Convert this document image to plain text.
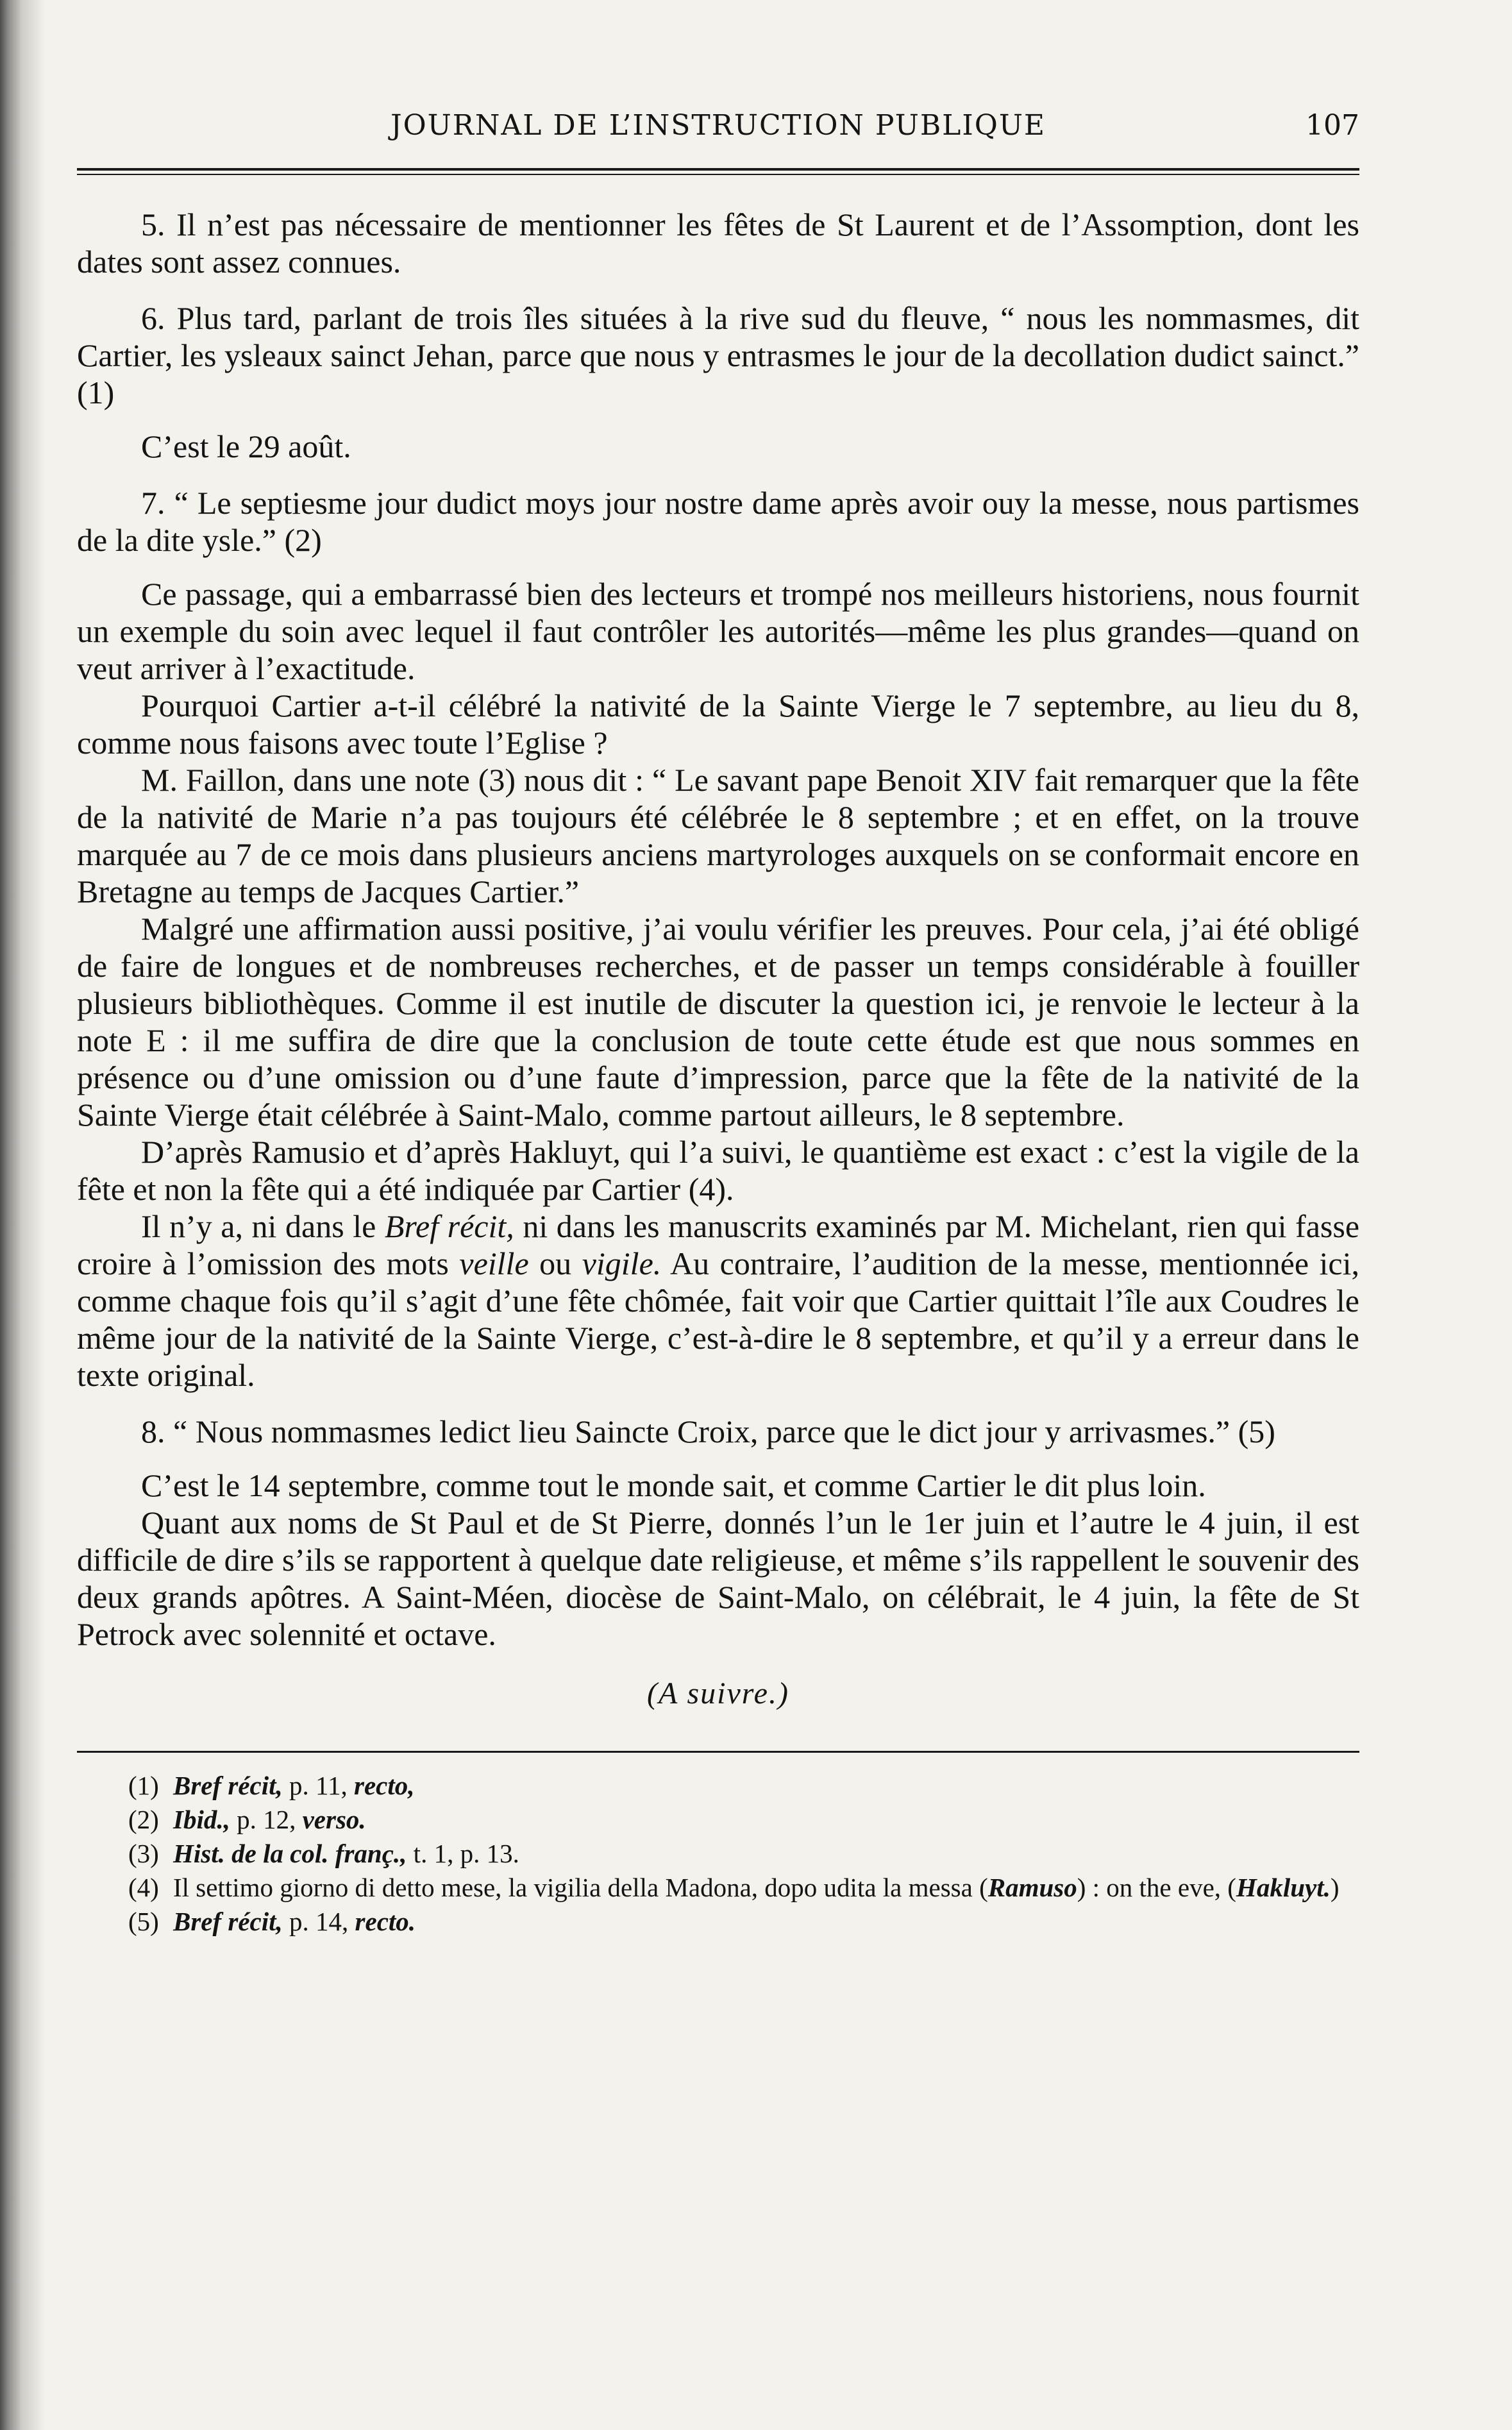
JOURNAL DE L’INSTRUCTION PUBLIQUE	107

5. Il n’est pas nécessaire de mentionner les fêtes de St Laurent et de l’Assomption, dont les dates sont assez connues.

6. Plus tard, parlant de trois îles situées à la rive sud du fleuve, “ nous les nommasmes, dit Cartier, les ysleaux sainct Jehan, parce que nous y entrasmes le jour de la decollation dudict sainct.” (1)

C’est le 29 août.

7. “ Le septiesme jour dudict moys jour nostre dame après avoir ouy la messe, nous partismes de la dite ysle.” (2)

Ce passage, qui a embarrassé bien des lecteurs et trompé nos meilleurs historiens, nous fournit un exemple du soin avec lequel il faut contrôler les autorités—même les plus grandes—quand on veut arriver à l’exactitude.

Pourquoi Cartier a-t-il célébré la nativité de la Sainte Vierge le 7 septembre, au lieu du 8, comme nous faisons avec toute l’Eglise ?

M. Faillon, dans une note (3) nous dit : “ Le savant pape Benoit XIV fait remarquer que la fête de la nativité de Marie n’a pas toujours été célébrée le 8 septembre ; et en effet, on la trouve marquée au 7 de ce mois dans plusieurs anciens martyrologes auxquels on se conformait encore en Bretagne au temps de Jacques Cartier.”

Malgré une affirmation aussi positive, j’ai voulu vérifier les preuves. Pour cela, j’ai été obligé de faire de longues et de nombreuses recherches, et de passer un temps considérable à fouiller plusieurs bibliothèques. Comme il est inutile de discuter la question ici, je renvoie le lecteur à la note E : il me suffira de dire que la conclusion de toute cette étude est que nous sommes en présence ou d’une omission ou d’une faute d’impression, parce que la fête de la nativité de la Sainte Vierge était célébrée à Saint-Malo, comme partout ailleurs, le 8 septembre.

D’après Ramusio et d’après Hakluyt, qui l’a suivi, le quantième est exact : c’est la vigile de la fête et non la fête qui a été indiquée par Cartier (4).

Il n’y a, ni dans le Bref récit, ni dans les manuscrits examinés par M. Michelant, rien qui fasse croire à l’omission des mots veille ou vigile. Au contraire, l’audition de la messe, mentionnée ici, comme chaque fois qu’il s’agit d’une fête chômée, fait voir que Cartier quittait l’île aux Coudres le même jour de la nativité de la Sainte Vierge, c’est-à-dire le 8 septembre, et qu’il y a erreur dans le texte original.

8. “ Nous nommasmes ledict lieu Saincte Croix, parce que le dict jour y arrivasmes.” (5)

C’est le 14 septembre, comme tout le monde sait, et comme Cartier le dit plus loin.

Quant aux noms de St Paul et de St Pierre, donnés l’un le 1er juin et l’autre le 4 juin, il est difficile de dire s’ils se rapportent à quelque date religieuse, et même s’ils rappellent le souvenir des deux grands apôtres. A Saint-Méen, diocèse de Saint-Malo, on célébrait, le 4 juin, la fête de St Petrock avec solennité et octave.

(A suivre.)

(1) Bref récit, p. 11, recto,

(2) Ibid., p. 12, verso.

(3) Hist. de la col. franç., t. 1, p. 13.

(4) Il settimo giorno di detto mese, la vigilia della Madona, dopo udita la messa (Ramuso) : on the eve, (Hakluyt.)

(5) Bref récit, p. 14, recto.
